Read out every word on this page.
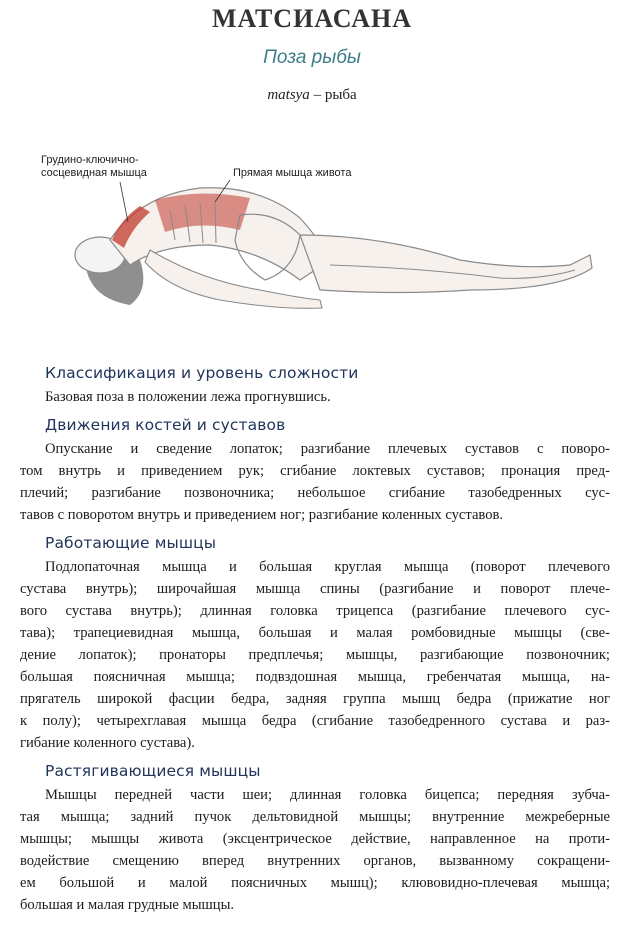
МАТСИАСАНА
Поза рыбы
matsya – рыба
Грудино-ключично-
сосцевидная мышца	Прямая мышца живота
Классификация и уровень сложности
Базовая поза в положении лежа прогнувшись.
Движения костей и суставов
Опускание и сведение лопаток; разгибание плечевых суставов с поворо-
том внутрь и приведением рук; сгибание локтевых суставов; пронация пред-
плечий; разгибание позвоночника; небольшое сгибание тазобедренных сус-
тавов с поворотом внутрь и приведением ног; разгибание коленных суставов.
Работающие мышцы
Подлопаточная мышца и большая круглая мышца (поворот плечевого
сустава внутрь); широчайшая мышца спины (разгибание и поворот плече-
вого сустава внутрь); длинная головка трицепса (разгибание плечевого сус-
тава); трапециевидная мышца, большая и малая ромбовидные мышцы (све-
дение лопаток); пронаторы предплечья; мышцы, разгибающие позвоночник;
большая поясничная мышца; подвздошная мышца, гребенчатая мышца, на-
прягатель широкой фасции бедра, задняя группа мышц бедра (прижатие ног
к полу); четырехглавая мышца бедра (сгибание тазобедренного сустава и раз-
гибание коленного сустава).
Растягивающиеся мышцы
Мышцы передней части шеи; длинная головка бицепса; передняя зубча-
тая мышца; задний пучок дельтовидной мышцы; внутренние межреберные
мышцы; мышцы живота (эксцентрическое действие, направленное на проти-
водействие смещению вперед внутренних органов, вызванному сокращени-
ем большой и малой поясничных мышц); клювовидно-плечевая мышца;
большая и малая грудные мышцы.
